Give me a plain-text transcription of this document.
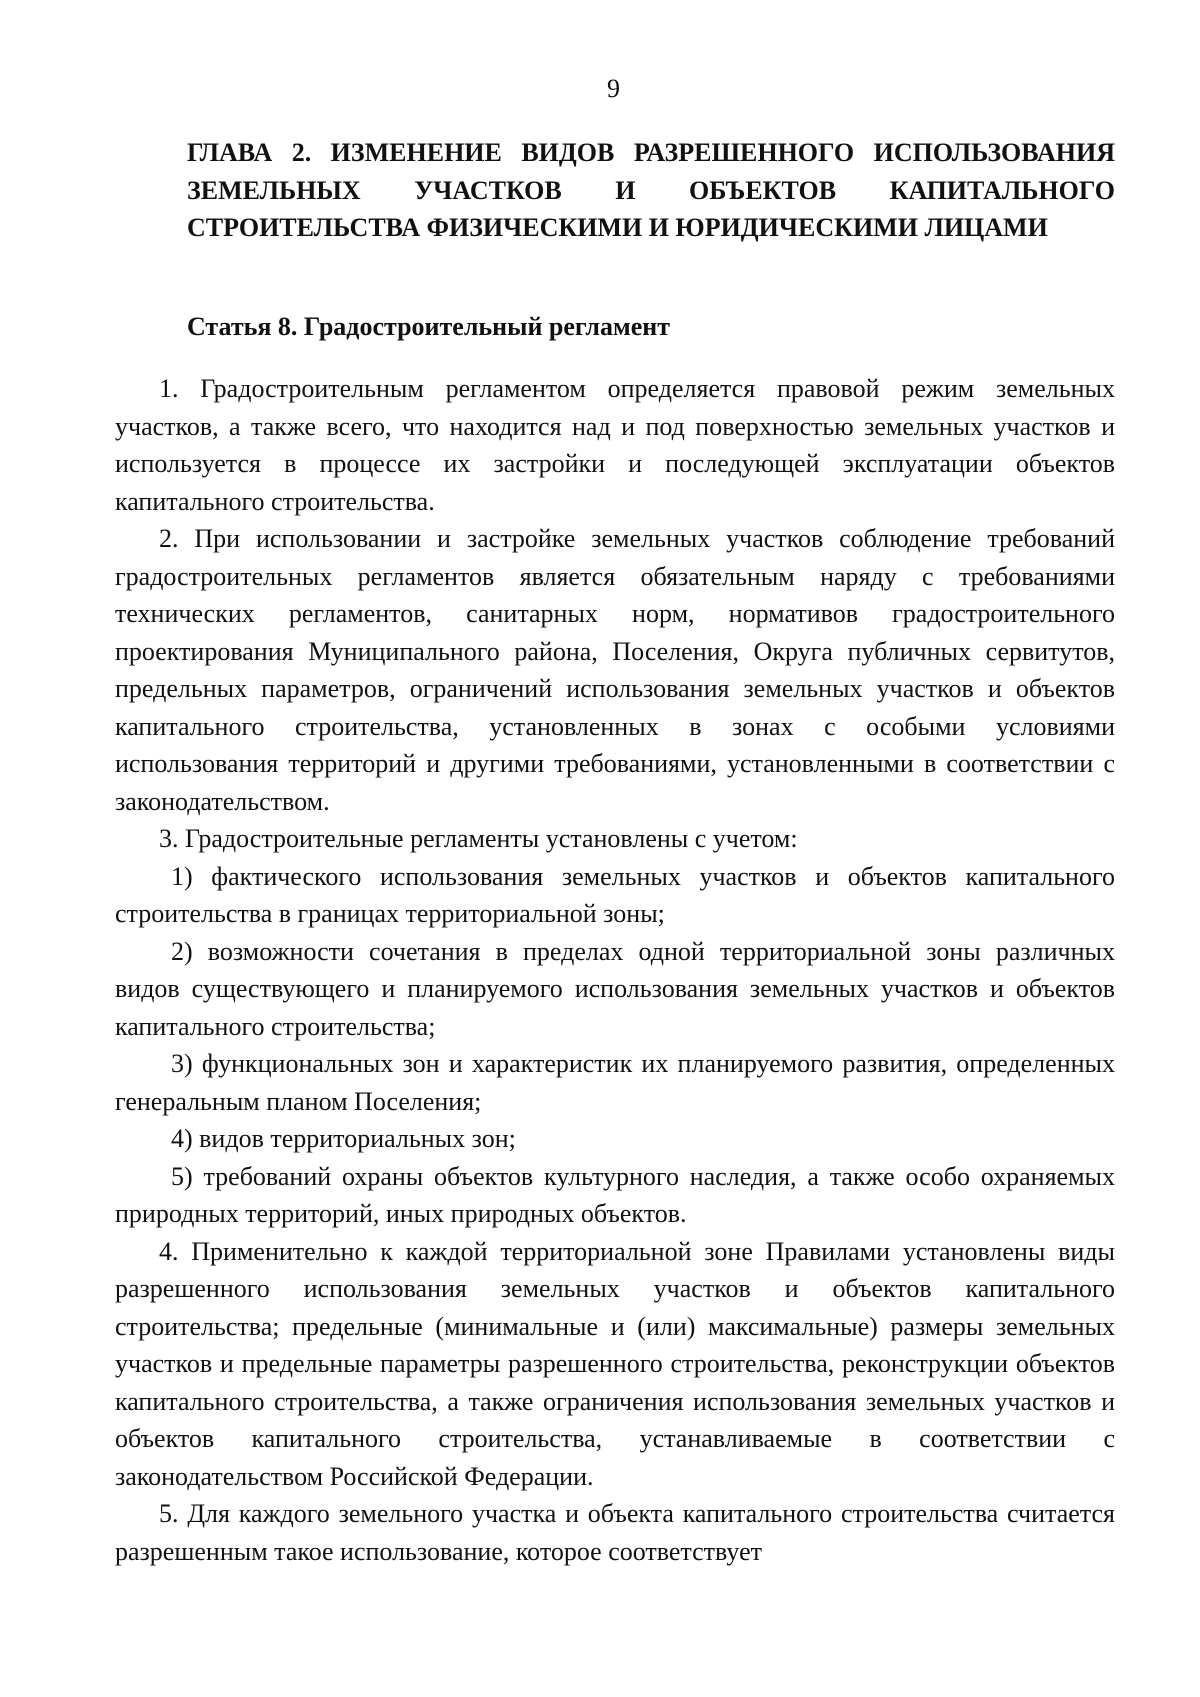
9
ГЛАВА 2. ИЗМЕНЕНИЕ ВИДОВ РАЗРЕШЕННОГО ИСПОЛЬЗОВАНИЯ ЗЕМЕЛЬНЫХ УЧАСТКОВ И ОБЪЕКТОВ КАПИТАЛЬНОГО СТРОИТЕЛЬСТВА ФИЗИЧЕСКИМИ И ЮРИДИЧЕСКИМИ ЛИЦАМИ
Статья 8. Градостроительный регламент

1. Градостроительным регламентом определяется правовой режим земельных участков, а также всего, что находится над и под поверхностью земельных участков и используется в процессе их застройки и последующей эксплуатации объектов капитального строительства.

2. При использовании и застройке земельных участков соблюдение требований градостроительных регламентов является обязательным наряду с требованиями технических регламентов, санитарных норм, нормативов градостроительного проектирования Муниципального района, Поселения, Округа публичных сервитутов, предельных параметров, ограничений использования земельных участков и объектов капитального строительства, установленных в зонах с особыми условиями использования территорий и другими требованиями, установленными в соответствии с законодательством.

3. Градостроительные регламенты установлены с учетом:

1) фактического использования земельных участков и объектов капитального строительства в границах территориальной зоны;

2) возможности сочетания в пределах одной территориальной зоны различных видов существующего и планируемого использования земельных участков и объектов капитального строительства;

3) функциональных зон и характеристик их планируемого развития, определенных генеральным планом Поселения;

4) видов территориальных зон;

5) требований охраны объектов культурного наследия, а также особо охраняемых природных территорий, иных природных объектов.

4. Применительно к каждой территориальной зоне Правилами установлены виды разрешенного использования земельных участков и объектов капитального строительства; предельные (минимальные и (или) максимальные) размеры земельных участков и предельные параметры разрешенного строительства, реконструкции объектов капитального строительства, а также ограничения использования земельных участков и объектов капитального строительства, устанавливаемые в соответствии с законодательством Российской Федерации.

5. Для каждого земельного участка и объекта капитального строительства считается разрешенным такое использование, которое соответствует
